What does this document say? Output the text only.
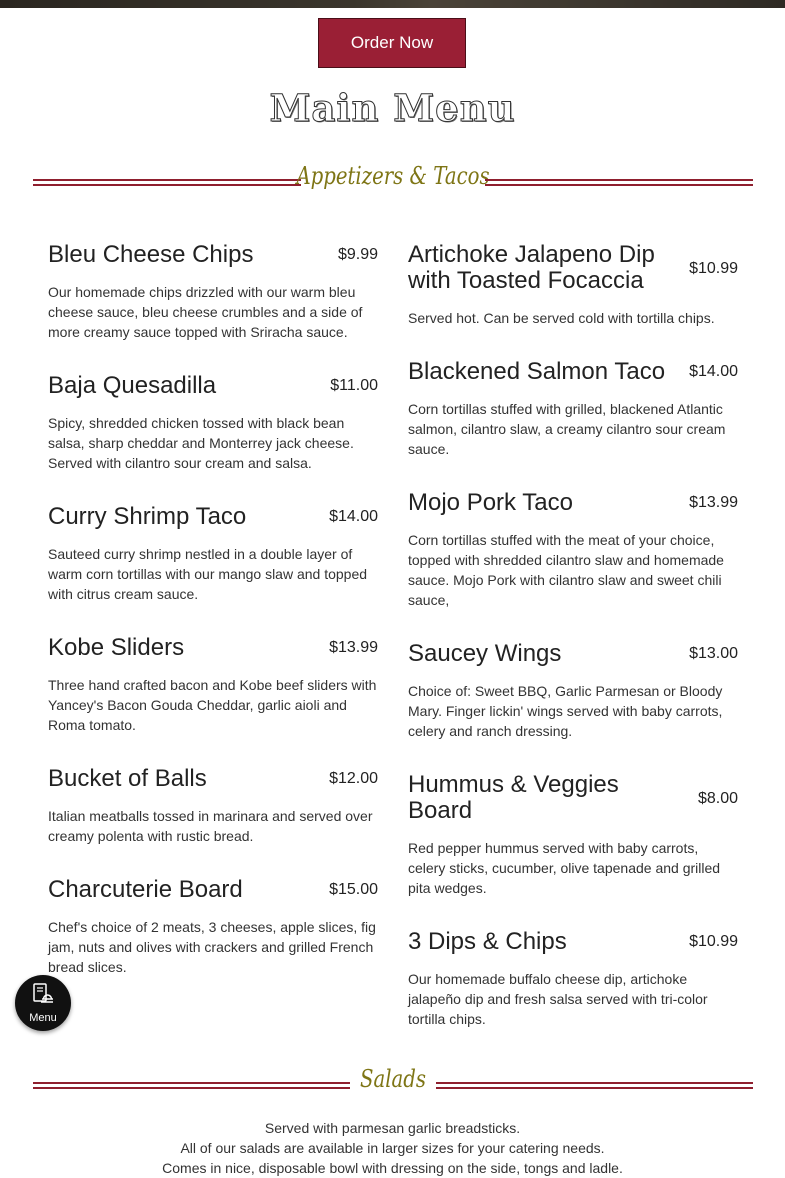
Order Now
Main Menu
Appetizers & Tacos
Bleu Cheese Chips	$9.99
Our homemade chips drizzled with our warm bleu cheese sauce, bleu cheese crumbles and a side of more creamy sauce topped with Sriracha sauce.
Baja Quesadilla	$11.00
Spicy, shredded chicken tossed with black bean salsa, sharp cheddar and Monterrey jack cheese. Served with cilantro sour cream and salsa.
Curry Shrimp Taco	$14.00
Sauteed curry shrimp nestled in a double layer of warm corn tortillas with our mango slaw and topped with citrus cream sauce.
Kobe Sliders	$13.99
Three hand crafted bacon and Kobe beef sliders with Yancey's Bacon Gouda Cheddar, garlic aioli and Roma tomato.
Bucket of Balls	$12.00
Italian meatballs tossed in marinara and served over creamy polenta with rustic bread.
Charcuterie Board	$15.00
Chef's choice of 2 meats, 3 cheeses, apple slices, fig jam, nuts and olives with crackers and grilled French bread slices.
Artichoke Jalapeno Dip with Toasted Focaccia	$10.99
Served hot. Can be served cold with tortilla chips.
Blackened Salmon Taco	$14.00
Corn tortillas stuffed with grilled, blackened Atlantic salmon, cilantro slaw, a creamy cilantro sour cream sauce.
Mojo Pork Taco	$13.99
Corn tortillas stuffed with the meat of your choice, topped with shredded cilantro slaw and homemade sauce. Mojo Pork with cilantro slaw and sweet chili sauce,
Saucey Wings	$13.00
Choice of: Sweet BBQ, Garlic Parmesan or Bloody Mary. Finger lickin' wings served with baby carrots, celery and ranch dressing.
Hummus & Veggies Board	$8.00
Red pepper hummus served with baby carrots, celery sticks, cucumber, olive tapenade and grilled pita wedges.
3 Dips & Chips	$10.99
Our homemade buffalo cheese dip, artichoke jalapeño dip and fresh salsa served with tri-color tortilla chips.
Menu
Salads
Served with parmesan garlic breadsticks.
All of our salads are available in larger sizes for your catering needs.
Comes in nice, disposable bowl with dressing on the side, tongs and ladle.
